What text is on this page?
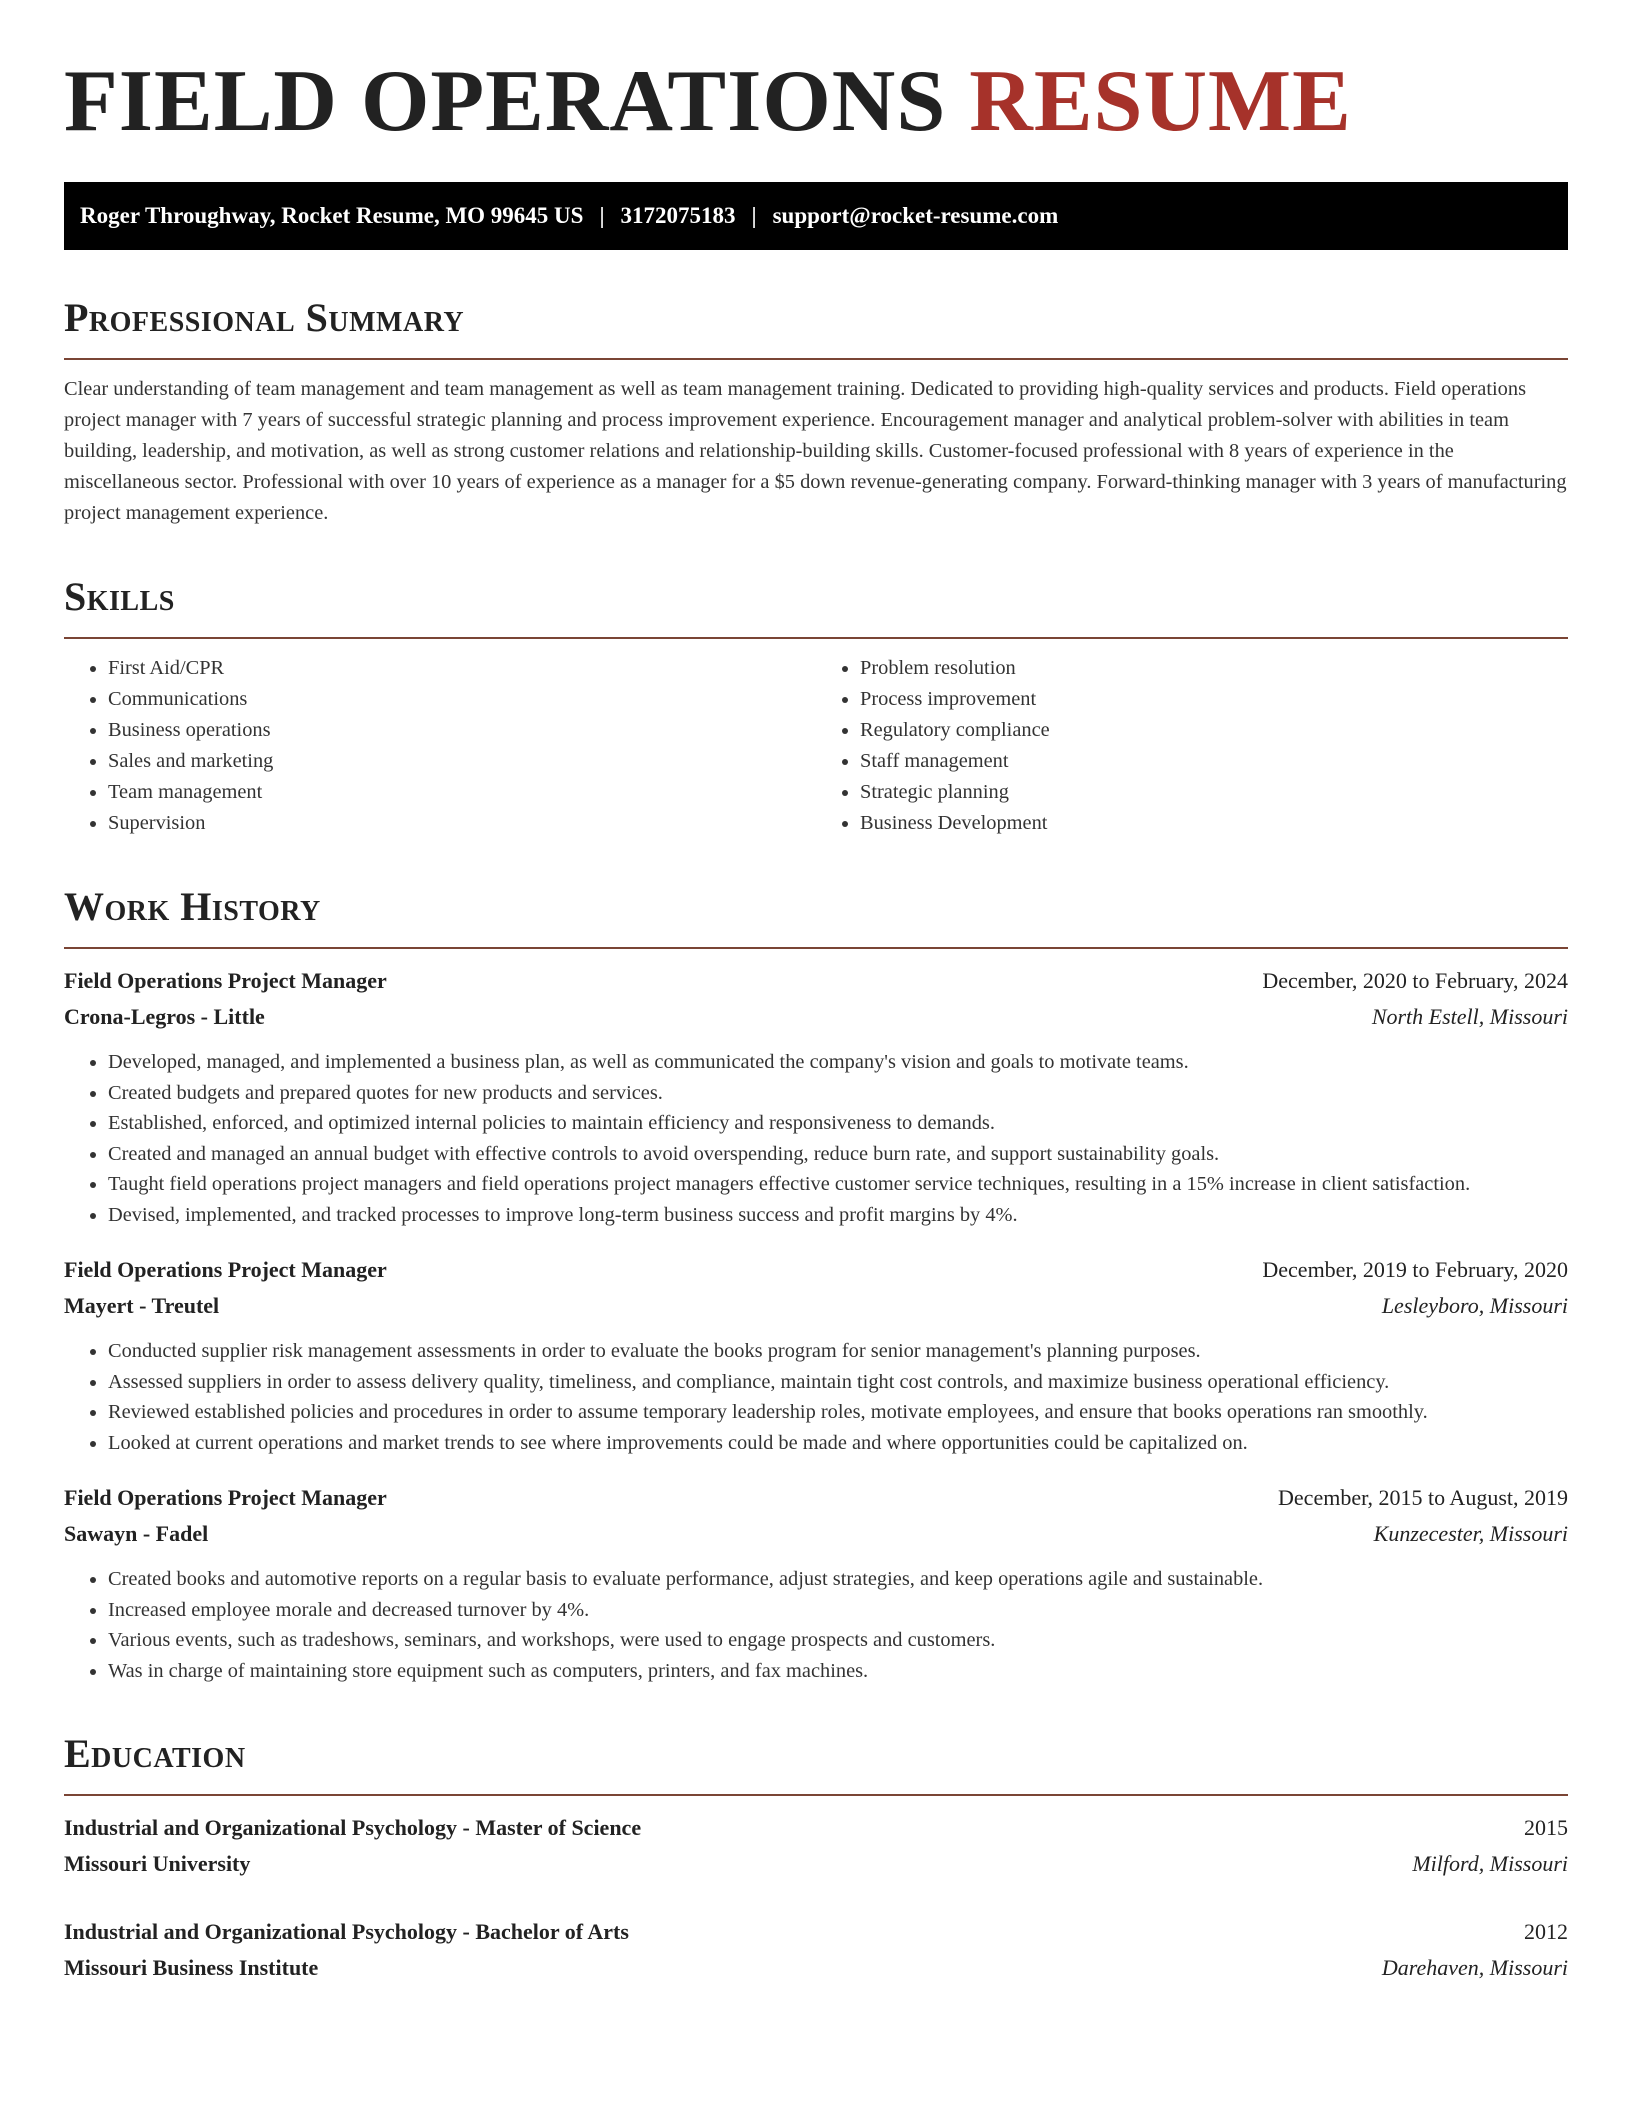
FIELD OPERATIONS RESUME
Roger Throughway, Rocket Resume, MO 99645 US | 3172075183 | support@rocket-resume.com
Professional Summary

Clear understanding of team management and team management as well as team management training. Dedicated to providing high-quality services and products. Field operations project manager with 7 years of successful strategic planning and process improvement experience. Encouragement manager and analytical problem-solver with abilities in team building, leadership, and motivation, as well as strong customer relations and relationship-building skills. Customer-focused professional with 8 years of experience in the miscellaneous sector. Professional with over 10 years of experience as a manager for a $5 down revenue-generating company. Forward-thinking manager with 3 years of manufacturing project management experience.

Skills
• First Aid/CPR
• Communications
• Business operations
• Sales and marketing
• Team management
• Supervision
• Problem resolution
• Process improvement
• Regulatory compliance
• Staff management
• Strategic planning
• Business Development
Work History
Field Operations Project Manager	December, 2020 to February, 2024
Crona-Legros - Little	North Estell, Missouri
• Developed, managed, and implemented a business plan, as well as communicated the company's vision and goals to motivate teams.
• Created budgets and prepared quotes for new products and services.
• Established, enforced, and optimized internal policies to maintain efficiency and responsiveness to demands.
• Created and managed an annual budget with effective controls to avoid overspending, reduce burn rate, and support sustainability goals.
• Taught field operations project managers and field operations project managers effective customer service techniques, resulting in a 15% increase in client satisfaction.
• Devised, implemented, and tracked processes to improve long-term business success and profit margins by 4%.
Field Operations Project Manager	December, 2019 to February, 2020
Mayert - Treutel	Lesleyboro, Missouri
• Conducted supplier risk management assessments in order to evaluate the books program for senior management's planning purposes.
• Assessed suppliers in order to assess delivery quality, timeliness, and compliance, maintain tight cost controls, and maximize business operational efficiency.
• Reviewed established policies and procedures in order to assume temporary leadership roles, motivate employees, and ensure that books operations ran smoothly.
• Looked at current operations and market trends to see where improvements could be made and where opportunities could be capitalized on.
Field Operations Project Manager	December, 2015 to August, 2019
Sawayn - Fadel	Kunzecester, Missouri
• Created books and automotive reports on a regular basis to evaluate performance, adjust strategies, and keep operations agile and sustainable.
• Increased employee morale and decreased turnover by 4%.
• Various events, such as tradeshows, seminars, and workshops, were used to engage prospects and customers.
• Was in charge of maintaining store equipment such as computers, printers, and fax machines.
Education
Industrial and Organizational Psychology - Master of Science	2015
Missouri University	Milford, Missouri
Industrial and Organizational Psychology - Bachelor of Arts	2012
Missouri Business Institute	Darehaven, Missouri
